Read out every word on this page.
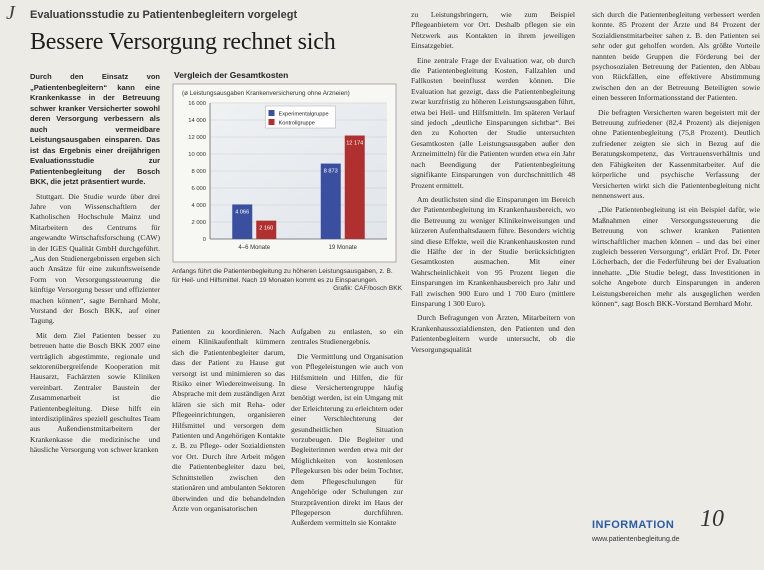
J Evaluationsstudie zu Patientenbegleitern vorgelegt
Bessere Versorgung rechnet sich

Durch den Einsatz von „Patientenbegleitern“ kann eine Krankenkasse in der Betreuung schwer kranker Versicherter sowohl deren Versorgung verbessern als auch vermeidbare Leistungsausgaben einsparen. Das ist das Ergebnis einer dreijährigen Evaluationsstudie zur Patientenbegleitung der Bosch BKK, die jetzt präsentiert wurde.

Stuttgart. Die Studie wurde über drei Jahre von Wissenschaftlern der Katholischen Hochschule Mainz und Mitarbeitern des Centrums für angewandte Wirtschaftsforschung (CAW) in der IGES Qualität GmbH durchgeführt. „Aus den Studienergebnissen ergeben sich auch Ansätze für eine zukunftsweisende Form von Versorgungssteuerung die künftige Versorgung besser und effizienter machen können“, sagte Bernhard Mohr, Vorstand der Bosch BKK, auf einer Tagung.

Mit dem Ziel Patienten besser zu betreuen hatte die Bosch BKK 2007 eine verträglich abgestimmte, regionale und sektorenübergreifende Kooperation mit Hausarzt, Fachärzten sowie Kliniken vereinbart. Zentraler Baustein der Zusammenarbeit ist die Patientenbegleitung. Diese hilft ein interdisziplinäres speziell geschultes Team aus Außendienstmitarbeitern der Krankenkasse die medizinische und häusliche Versorgung von schwer kranken

Vergleich der Gesamtkosten
(ø Leistungsausgaben Krankenversicherung ohne Arzneien)
0
2 000
4 000
6 000
8 000
10 000
12 000
14 000
16 000
4 066
2 160
4–6 Monate
8 873
12 174
19 Monate
Experimentalgruppe
Kontrollgruppe
Anfangs führt die Patientenbegleitung zu höheren Leistungsausgaben, z. B. für Heil- und Hilfsmittel. Nach 19 Monaten kommt es zu Einsparungen.
Grafik: CAF/bosch BKK

Patienten zu koordinieren. Nach einem Klinikaufenthalt kümmern sich die Patientenbegleiter darum, dass der Patient zu Hause gut versorgt ist und minimieren so das Risiko einer Wiedereinweisung. In Absprache mit dem zuständigen Arzt klären sie sich mit Reha- oder Pflegeeinrichtungen, organisieren Hilfsmittel und versorgen dem Patienten und Angehörigen Kontakte z. B. zu Pflege- oder Sozialdiensten vor Ort. Durch ihre Arbeit mögen die Patientenbegleiter dazu bei, Schnittstellen zwischen den stationären und ambulanten Sektoren überwinden und die behandelnden Ärzte von organisatorischen

Aufgaben zu entlasten, so ein zentrales Studienergebnis.

Die Vermittlung und Organisation von Pflegeleistungen wie auch von Hilfsmitteln und Hilfen, die für diese Versichertengruppe häufig benötigt werden, ist ein Umgang mit der Erleichterung zu erleichtern oder einer Verschlechterung der gesundheitlichen Situation vorzubeugen. Die Begleiter und Begleiterinnen werden etwa mit der Möglichkeiten von kostenlosen Pflegekursen bis oder beim Tochter, dem Pflegeschulungen für Angehörige oder Schulungen zur Sturzprävention direkt im Haus der Pflegeperson durchführen. Außerdem vermitteln sie Kontakte

zu Leistungsbringern, wie zum Beispiel Pflegeanbietern vor Ort. Deshalb pflegen sie ein Netzwerk aus Kontakten in ihrem jeweiligen Einsatzgebiet.

Eine zentrale Frage der Evaluation war, ob durch die Patientenbegleitung Kosten, Fallzahlen und Fallkosten beeinflusst werden können. Die Evaluation hat gezeigt, dass die Patientenbegleitung zwar kurzfristig zu höheren Leistungsausgaben führt, etwa bei Heil- und Hilfsmitteln. Im späteren Verlauf sind jedoch „deutliche Einsparungen sichtbar“. Bei den zu Kohorten der Studie untersuchten Gesamtkosten (alle Leistungsausgaben außer den Arzneimitteln) für die Patienten wurden etwa ein Jahr nach Beendigung der Patientenbegleitung signifikante Einsparungen von durchschnittlich 48 Prozent ermittelt.

Am deutlichsten sind die Einsparungen im Bereich der Patientenbegleitung im Krankenhausbereich, wo die Betreuung zu weniger Klinikeinweisungen und kürzeren Aufenthaltsdauern führe. Besonders wichtig sind diese Effekte, weil die Krankenhauskosten rund die Hälfte der in der Studie berücksichtigten Gesamtkosten ausmachen. Mit einer Wahrscheinlichkeit von 95 Prozent liegen die Einsparungen im Krankenhausbereich pro Jahr und Fall zwischen 900 Euro und 1 700 Euro (mittlere Einsparung 1 300 Euro).

Durch Befragungen von Ärzten, Mitarbeitern von Krankenhaussozialdiensten, den Patienten und den Patientenbegleitern wurde untersucht, ob die Versorgungsqualität

sich durch die Patientenbegleitung verbessert werden konnte. 85 Prozent der Ärzte und 84 Prozent der Sozialdienstmitarbeiter sahen z. B. den Patienten sei sehr oder gut geholfen worden. Als größte Vorteile nannten beide Gruppen die Förderung bei der psychosozialen Betreuung der Patienten, den Abbau von Rückfällen, eine effektivere Abstimmung zwischen den an der Betreuung Beteiligten sowie einen besseren Informationsstand der Patienten.

Die befragten Versicherten waren begeistert mit der Betreuung zufriedener (82,4 Prozent) als diejenigen ohne Patientenbegleitung (75,8 Prozent). Deutlich zufriedener zeigten sie sich in Bezug auf die Beratungskompetenz, das Vertrauensverhältnis und den Fähigkeiten der Kassenmitarbeiter. Auf die körperliche und psychische Verfassung der Versicherten wirkt sich die Patientenbegleitung nicht nennenswert aus.

„Die Patientenbegleitung ist ein Beispiel dafür, wie Maßnahmen einer Versorgungssteuerung die Betreuung von schwer kranken Patienten wirtschaftlicher machen können – und das bei einer zugleich besseren Versorgung“, erklärt Prof. Dr. Peter Löcherbach, der die Federführung bei der Evaluation innehatte. „Die Studie belegt, dass Investitionen in solche Angebote durch Einsparungen in anderen Leistungsbereichen mehr als ausgeglichen werden können“, sagt Bosch BKK-Vorstand Bernhard Mohr.

INFORMATION
www.patientenbegleitung.de
10
